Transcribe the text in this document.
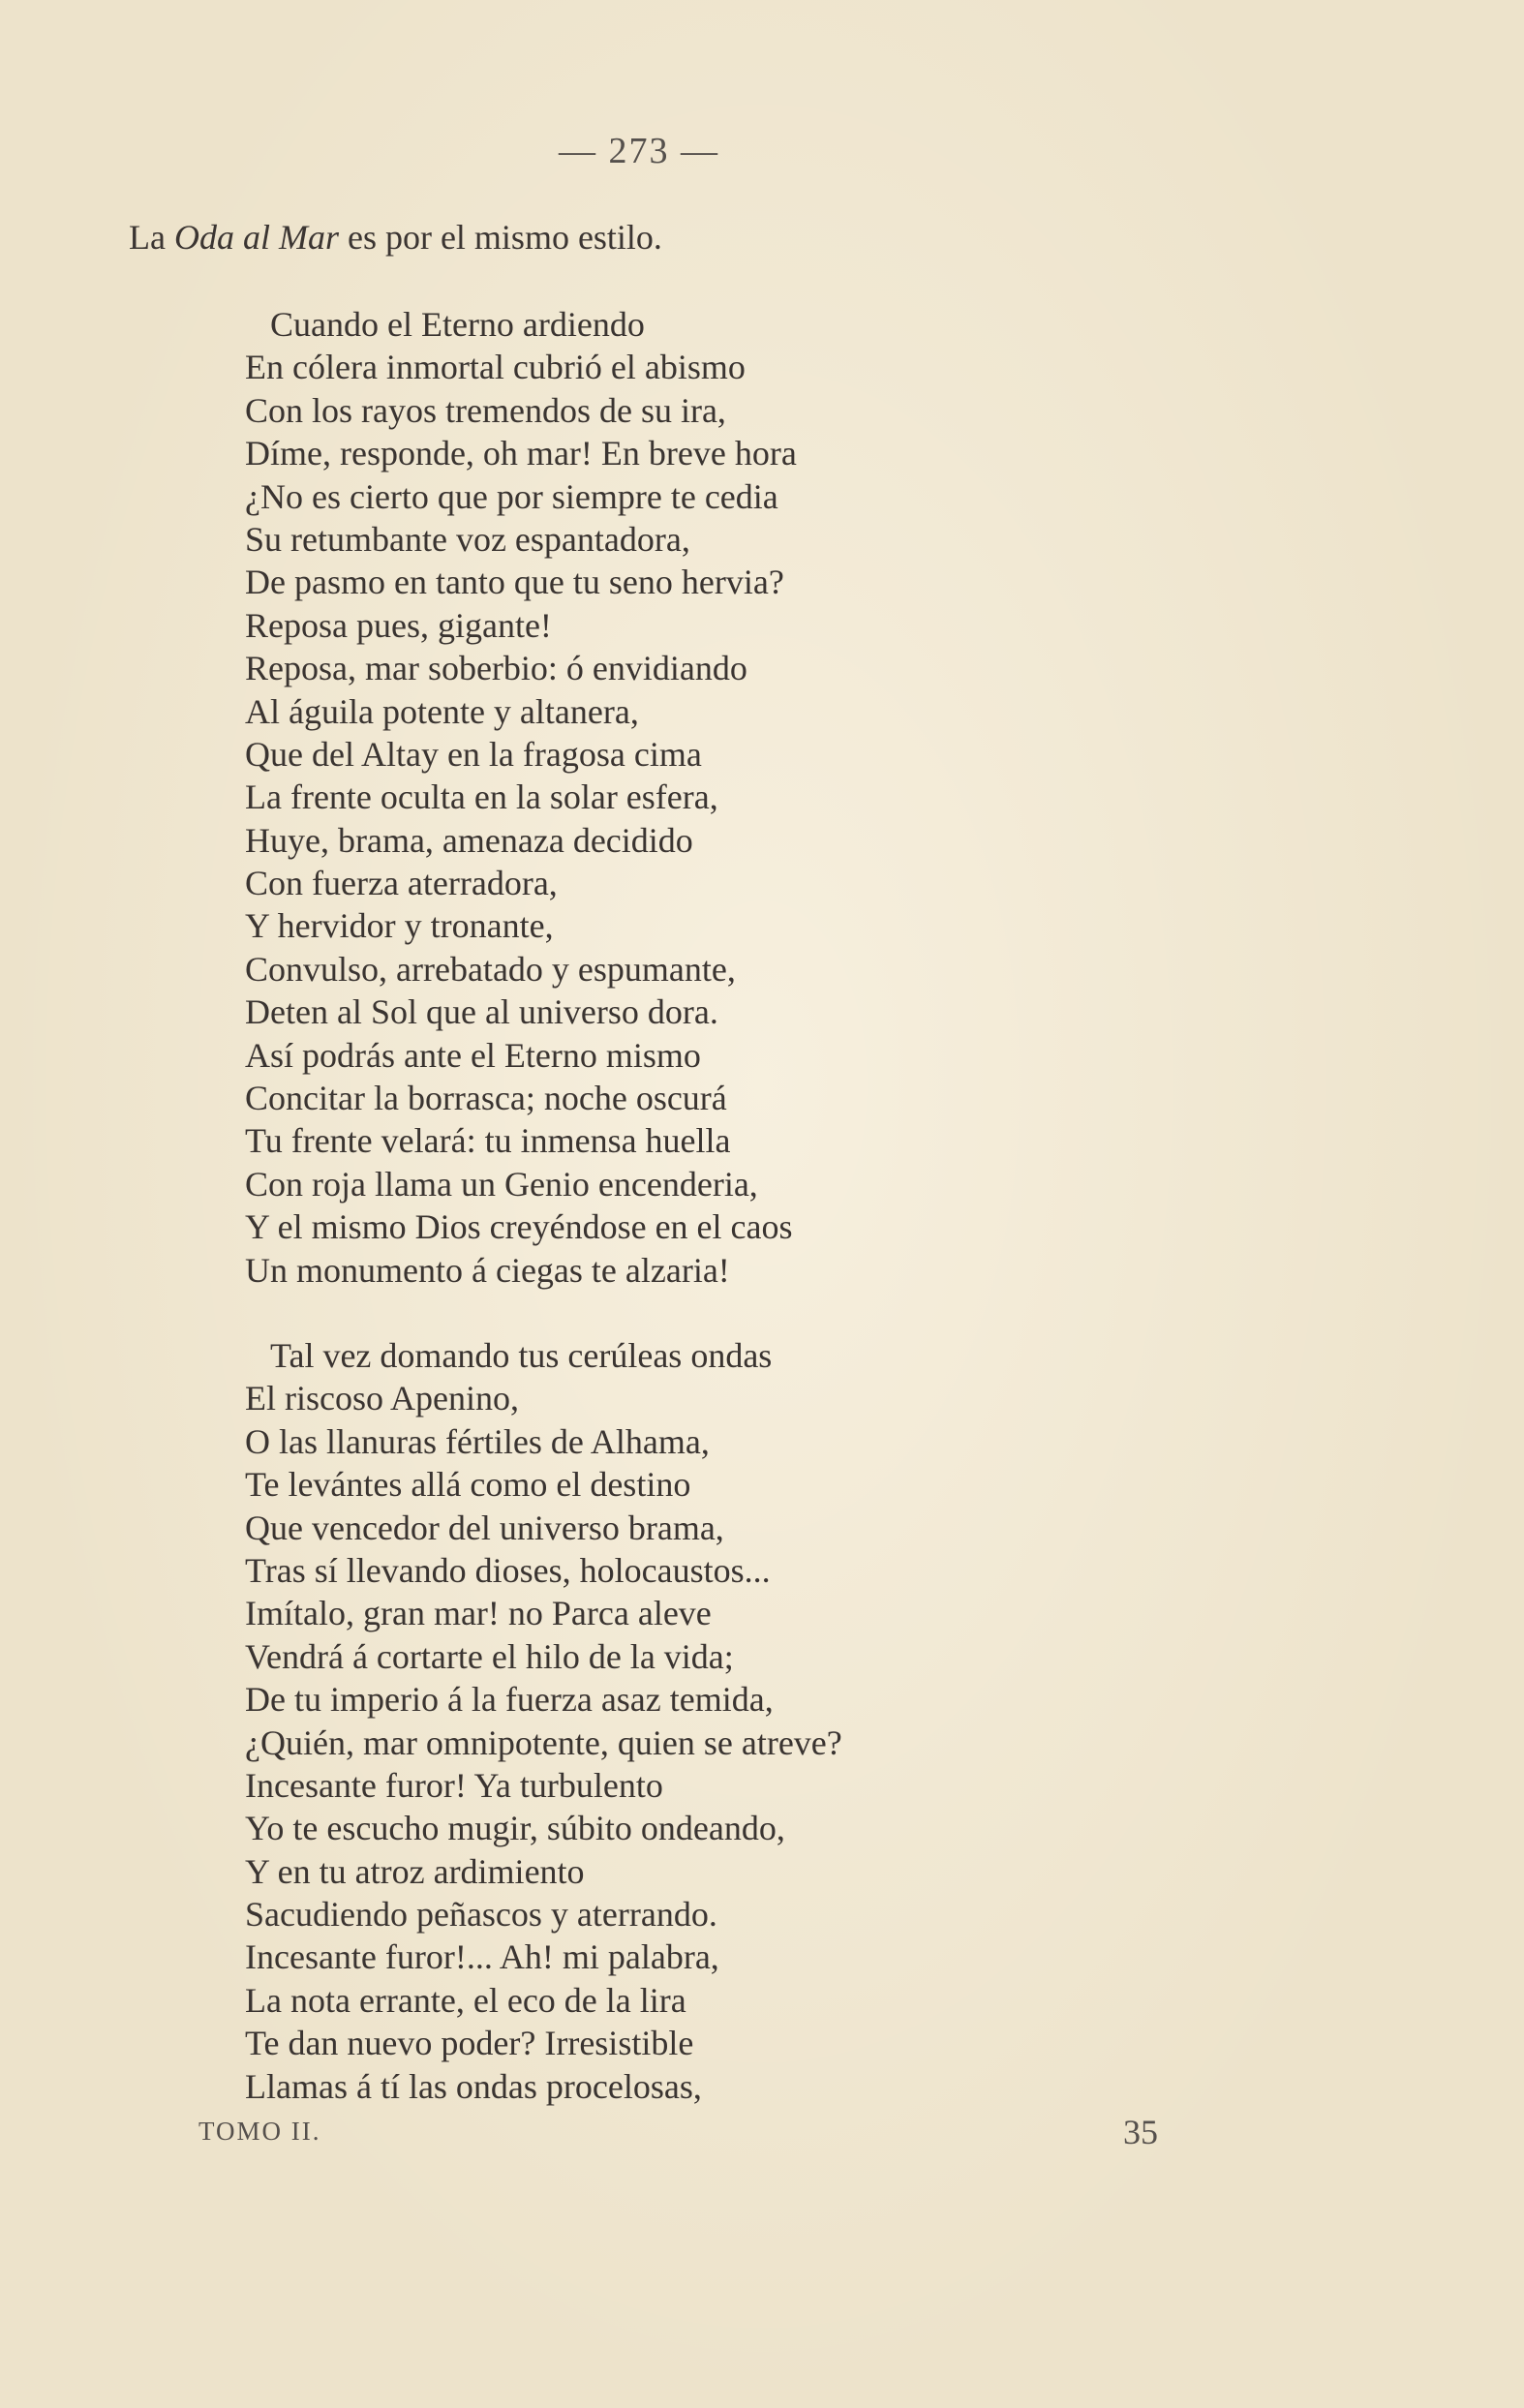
— 273 —
La Oda al Mar es por el mismo estilo.
Cuando el Eterno ardiendo
En cólera inmortal cubrió el abismo
Con los rayos tremendos de su ira,
Díme, responde, oh mar! En breve hora
¿No es cierto que por siempre te cedia
Su retumbante voz espantadora,
De pasmo en tanto que tu seno hervia?
Reposa pues, gigante!
Reposa, mar soberbio: ó envidiando
Al águila potente y altanera,
Que del Altay en la fragosa cima
La frente oculta en la solar esfera,
Huye, brama, amenaza decidido
Con fuerza aterradora,
Y hervidor y tronante,
Convulso, arrebatado y espumante,
Deten al Sol que al universo dora.
Así podrás ante el Eterno mismo
Concitar la borrasca; noche oscurá
Tu frente velará: tu inmensa huella
Con roja llama un Genio encenderia,
Y el mismo Dios creyéndose en el caos
Un monumento á ciegas te alzaria!
Tal vez domando tus cerúleas ondas
El riscoso Apenino,
O las llanuras fértiles de Alhama,
Te levántes allá como el destino
Que vencedor del universo brama,
Tras sí llevando dioses, holocaustos...
Imítalo, gran mar! no Parca aleve
Vendrá á cortarte el hilo de la vida;
De tu imperio á la fuerza asaz temida,
¿Quién, mar omnipotente, quien se atreve?
Incesante furor! Ya turbulento
Yo te escucho mugir, súbito ondeando,
Y en tu atroz ardimiento
Sacudiendo peñascos y aterrando.
Incesante furor!... Ah! mi palabra,
La nota errante, el eco de la lira
Te dan nuevo poder? Irresistible
Llamas á tí las ondas procelosas,
TOMO II.	35
